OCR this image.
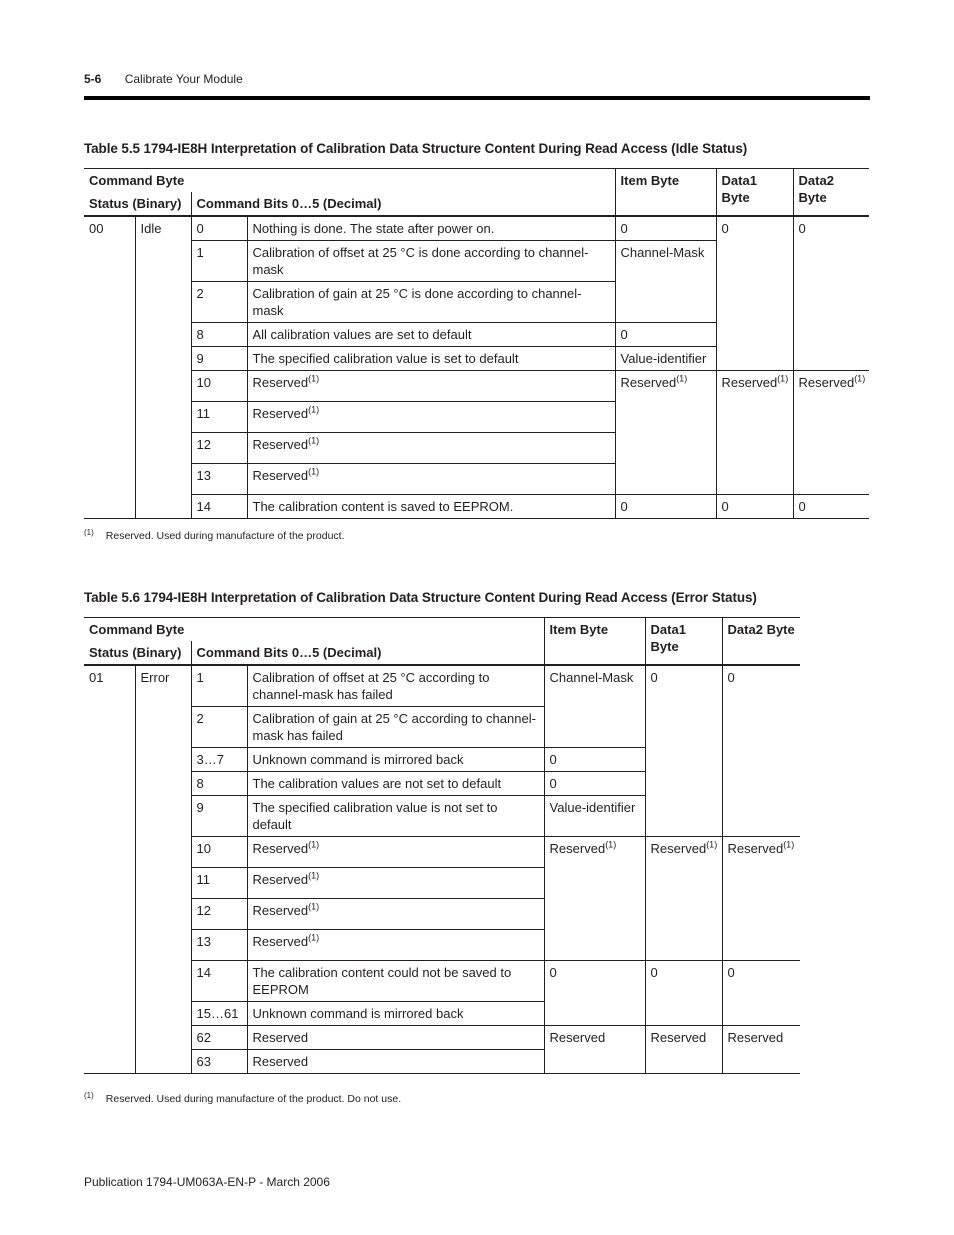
5-6 Calibrate Your Module
Table 5.5 1794-IE8H Interpretation of Calibration Data Structure Content During Read Access (Idle Status)
Command Byte				Item Byte	Data1 Byte	Data2 Byte
Status (Binary)		Command Bits 0…5 (Decimal)				
00	Idle	0	Nothing is done. The state after power on.	0	0	0
		1	Calibration of offset at 25 °C is done according to channel-mask	Channel-Mask		
		2	Calibration of gain at 25 °C is done according to channel-mask			
		8	All calibration values are set to default	0		
		9	The specified calibration value is set to default	Value-identifier		
		10	Reserved$^{(1)}$	Reserved$^{(1)}$	Reserved$^{(1)}$	Reserved$^{(1)}$
		11	Reserved$^{(1)}$
		12	Reserved$^{(1)}$
		13	Reserved$^{(1)}$
		14	The calibration content is saved to EEPROM.	0	0	0
$^{(1)}$ Reserved. Used during manufacture of the product.
Table 5.6 1794-IE8H Interpretation of Calibration Data Structure Content During Read Access (Error Status)
Command Byte				Item Byte	Data1 Byte	Data2 Byte
Status (Binary)		Command Bits 0…5 (Decimal)				
01	Error	1	Calibration of offset at 25 °C according to channel-mask has failed	Channel-Mask	0	0
		2	Calibration of gain at 25 °C according to channel-mask has failed			
		3…7	Unknown command is mirrored back	0		
		8	The calibration values are not set to default	0		
		9	The specified calibration value is not set to default	Value-identifier		
		10	Reserved$^{(1)}$	Reserved$^{(1)}$	Reserved$^{(1)}$	Reserved$^{(1)}$
		11	Reserved$^{(1)}$
		12	Reserved$^{(1)}$
		13	Reserved$^{(1)}$
		14	The calibration content could not be saved to EEPROM	0	0	0
		15…61	Unknown command is mirrored back			
		62	Reserved	Reserved	Reserved	Reserved
		63	Reserved			
$^{(1)}$ Reserved. Used during manufacture of the product. Do not use.
Publication 1794-UM063A-EN-P - March 2006
